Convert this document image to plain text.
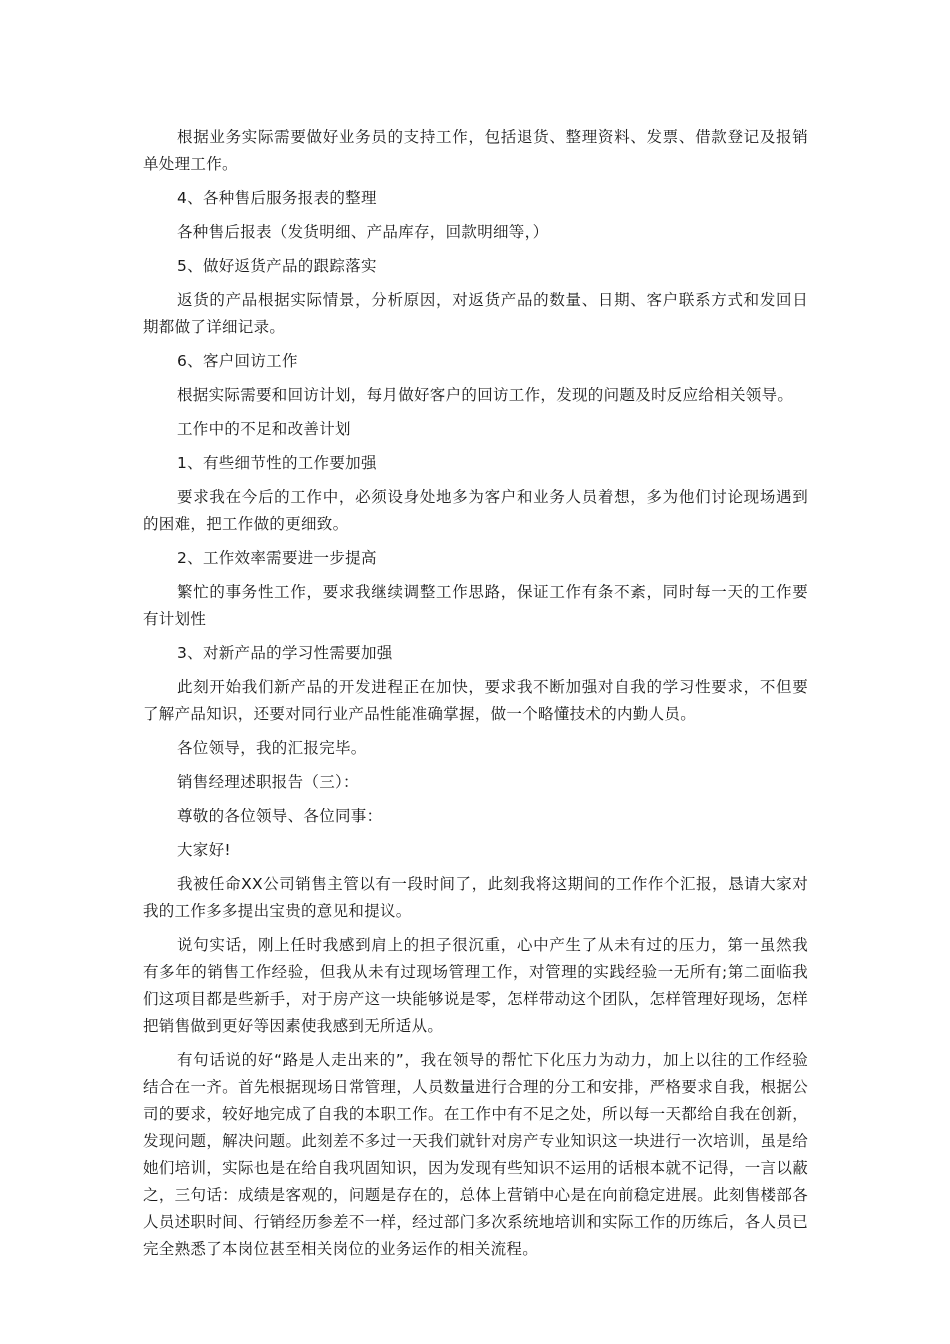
根据业务实际需要做好业务员的支持工作，包括退货、整理资料、发票、借款登记及报销单处理工作。

4、各种售后服务报表的整理

各种售后报表（发货明细、产品库存，回款明细等，）

5、做好返货产品的跟踪落实

返货的产品根据实际情景，分析原因，对返货产品的数量、日期、客户联系方式和发回日期都做了详细记录。

6、客户回访工作

根据实际需要和回访计划，每月做好客户的回访工作，发现的问题及时反应给相关领导。

工作中的不足和改善计划

1、有些细节性的工作要加强

要求我在今后的工作中，必须设身处地多为客户和业务人员着想，多为他们讨论现场遇到的困难，把工作做的更细致。

2、工作效率需要进一步提高

繁忙的事务性工作，要求我继续调整工作思路，保证工作有条不紊，同时每一天的工作要有计划性

3、对新产品的学习性需要加强

此刻开始我们新产品的开发进程正在加快，要求我不断加强对自我的学习性要求，不但要了解产品知识，还要对同行业产品性能准确掌握，做一个略懂技术的内勤人员。

各位领导，我的汇报完毕。

销售经理述职报告（三）：

尊敬的各位领导、各位同事：

大家好!

我被任命XX公司销售主管以有一段时间了，此刻我将这期间的工作作个汇报，恳请大家对我的工作多多提出宝贵的意见和提议。

说句实话，刚上任时我感到肩上的担子很沉重，心中产生了从未有过的压力，第一虽然我有多年的销售工作经验，但我从未有过现场管理工作，对管理的实践经验一无所有;第二面临我们这项目都是些新手，对于房产这一块能够说是零，怎样带动这个团队，怎样管理好现场，怎样把销售做到更好等因素使我感到无所适从。

有句话说的好“路是人走出来的”，我在领导的帮忙下化压力为动力，加上以往的工作经验结合在一齐。首先根据现场日常管理，人员数量进行合理的分工和安排，严格要求自我，根据公司的要求，较好地完成了自我的本职工作。在工作中有不足之处，所以每一天都给自我在创新，发现问题，解决问题。此刻差不多过一天我们就针对房产专业知识这一块进行一次培训，虽是给她们培训，实际也是在给自我巩固知识，因为发现有些知识不运用的话根本就不记得，一言以蔽之，三句话：成绩是客观的，问题是存在的，总体上营销中心是在向前稳定进展。此刻售楼部各人员述职时间、行销经历参差不一样，经过部门多次系统地培训和实际工作的历练后，各人员已完全熟悉了本岗位甚至相关岗位的业务运作的相关流程。
